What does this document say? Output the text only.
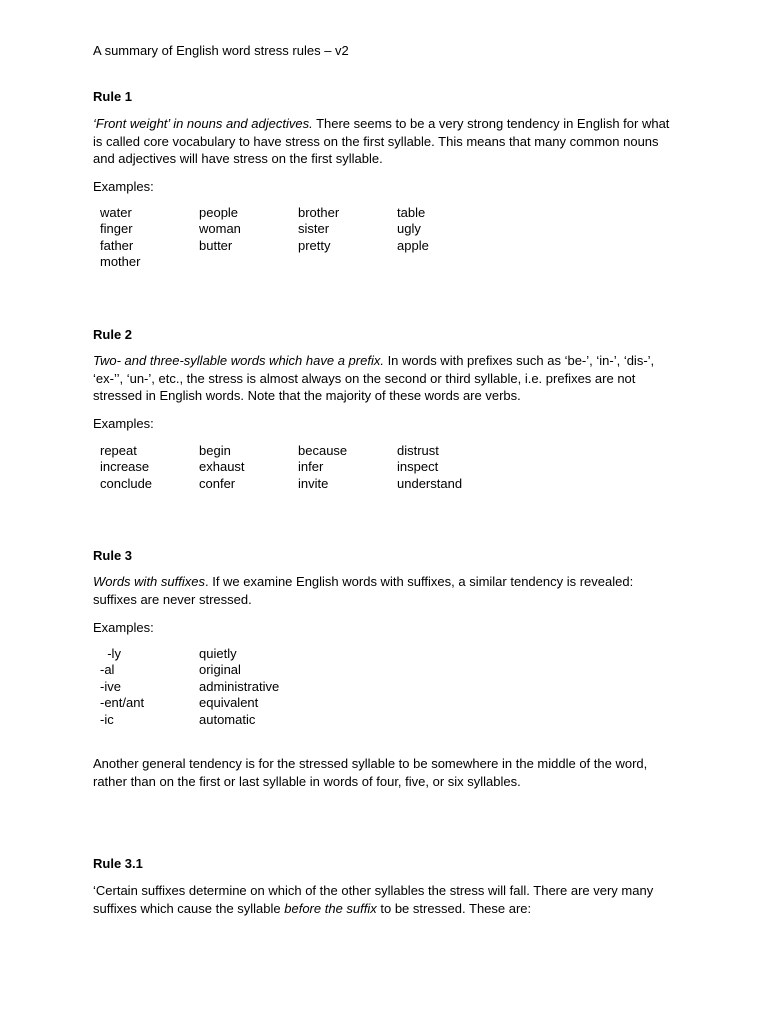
A summary of English word stress rules – v2
Rule 1
‘Front weight’ in nouns and adjectives. There seems to be a very strong tendency in English for what is called core vocabulary to have stress on the first syllable. This means that many common nouns and adjectives will have stress on the first syllable.
Examples:
water	people	brother	table
finger	woman	sister	ugly
father	butter	pretty	apple
mother			
Rule 2
Two- and three-syllable words which have a prefix. In words with prefixes such as ‘be-’, ‘in-’, ‘dis-’, ‘ex-’’, ‘un-’, etc., the stress is almost always on the second or third syllable, i.e. prefixes are not stressed in English words. Note that the majority of these words are verbs.
Examples:
repeat	begin	because	distrust
increase	exhaust	infer	inspect
conclude	confer	invite	understand
Rule 3
Words with suffixes. If we examine English words with suffixes, a similar tendency is revealed: suffixes are never stressed.
Examples:
-ly	quietly
-al	original
-ive	administrative
-ent/ant	equivalent
-ic	automatic
Another general tendency is for the stressed syllable to be somewhere in the middle of the word, rather than on the first or last syllable in words of four, five, or six syllables.
Rule 3.1
‘Certain suffixes determine on which of the other syllables the stress will fall. There are very many suffixes which cause the syllable before the suffix to be stressed. These are:
